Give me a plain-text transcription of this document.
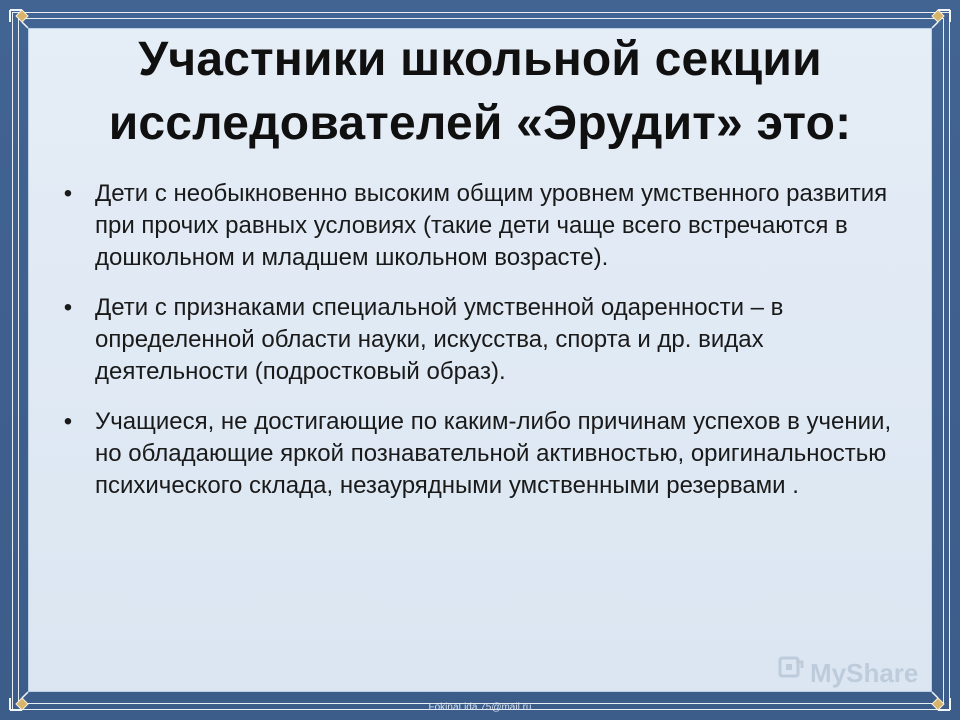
Участники школьной секции
исследователей «Эрудит» это:
• Дети с необыкновенно высоким общим уровнем умственного развития при прочих равных условиях (такие дети чаще всего встречаются в дошкольном и младшем школьном возрасте).
• Дети с признаками специальной умственной одаренности – в определенной области науки, искусства, спорта и др. видах деятельности (подростковый образ).
• Учащиеся, не достигающие по каким-либо причинам успехов в учении, но обладающие яркой познавательной активностью, оригинальностью психического склада, незаурядными умственными резервами .
MyShare
FokinaLida.75@mail.ru
